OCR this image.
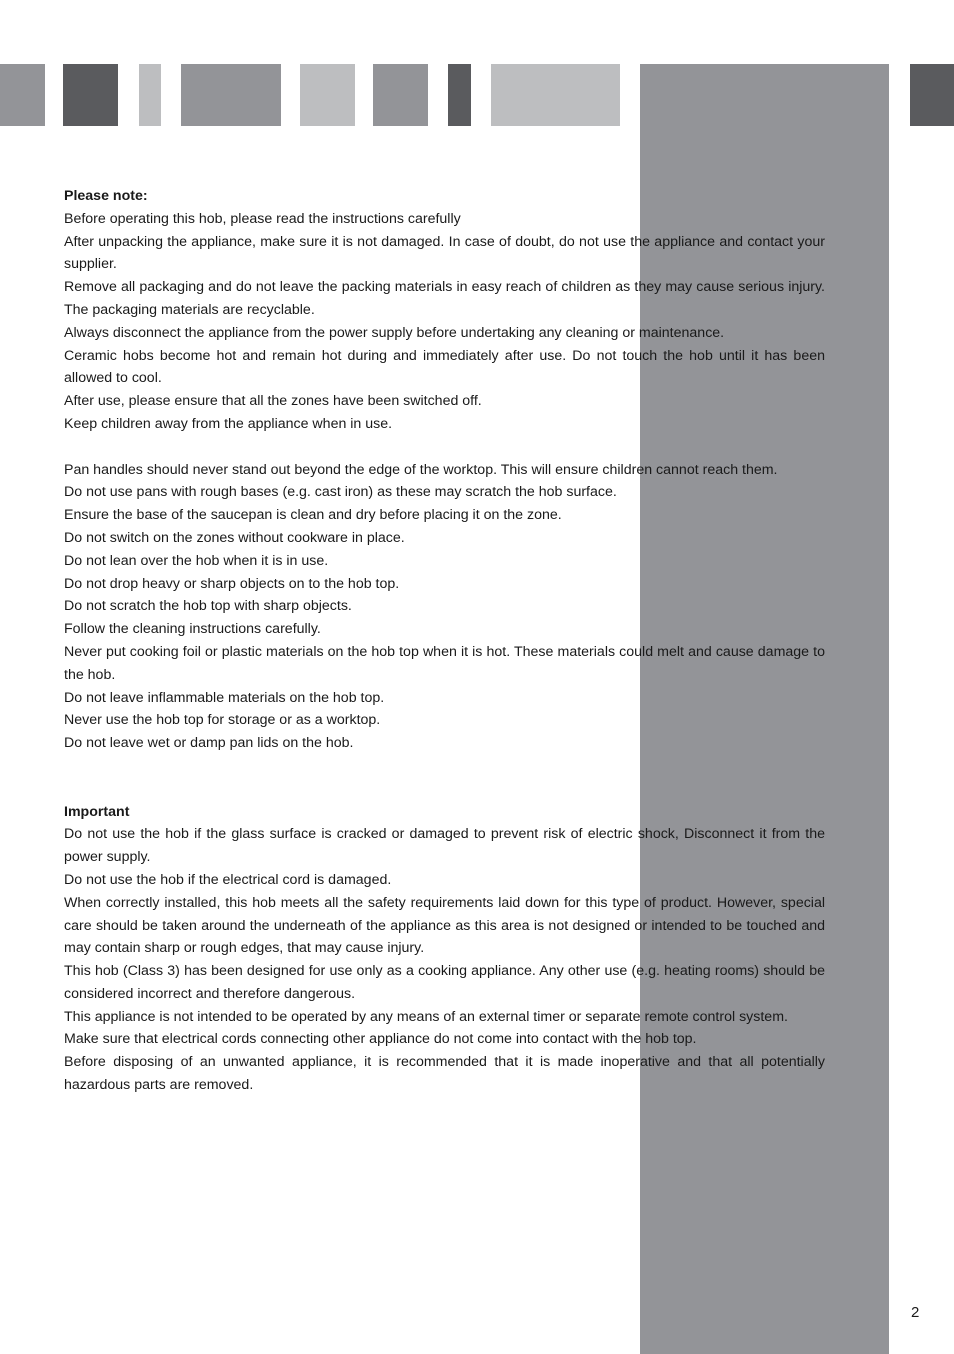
Please note:

Before operating this hob, please read the instructions carefully

After unpacking the appliance, make sure it is not damaged. In case of doubt, do not use the appliance and contact your supplier.

Remove all packaging and do not leave the packing materials in easy reach of children as they may cause serious injury. The packaging materials are recyclable.

Always disconnect the appliance from the power supply before undertaking any cleaning or maintenance.

Ceramic hobs become hot and remain hot during and immediately after use. Do not touch the hob until it has been allowed to cool.

After use, please ensure that all the zones have been switched off.

Keep children away from the appliance when in use.

Pan handles should never stand out beyond the edge of the worktop. This will ensure children cannot reach them.

Do not use pans with rough bases (e.g. cast iron) as these may scratch the hob surface.

Ensure the base of the saucepan is clean and dry before placing it on the zone.

Do not switch on the zones without cookware in place.

Do not lean over the hob when it is in use.

Do not drop heavy or sharp objects on to the hob top.

Do not scratch the hob top with sharp objects.

Follow the cleaning instructions carefully.

Never put cooking foil or plastic materials on the hob top when it is hot. These materials could melt and cause damage to the hob.

Do not leave inflammable materials on the hob top.

Never use the hob top for storage or as a worktop.

Do not leave wet or damp pan lids on the hob.

Important

Do not use the hob if the glass surface is cracked or damaged to prevent risk of electric shock, Disconnect it from the power supply.

Do not use the hob if the electrical cord is damaged.

When correctly installed, this hob meets all the safety requirements laid down for this type of product. However, special care should be taken around the underneath of the appliance as this area is not designed or intended to be touched and may contain sharp or rough edges, that may cause injury.

This hob (Class 3) has been designed for use only as a cooking appliance. Any other use (e.g. heating rooms) should be considered incorrect and therefore dangerous.

This appliance is not intended to be operated by any means of an external timer or separate remote control system.

Make sure that electrical cords connecting other appliance do not come into contact with the hob top.

Before disposing of an unwanted appliance, it is recommended that it is made inoperative and that all potentially hazardous parts are removed.

2
